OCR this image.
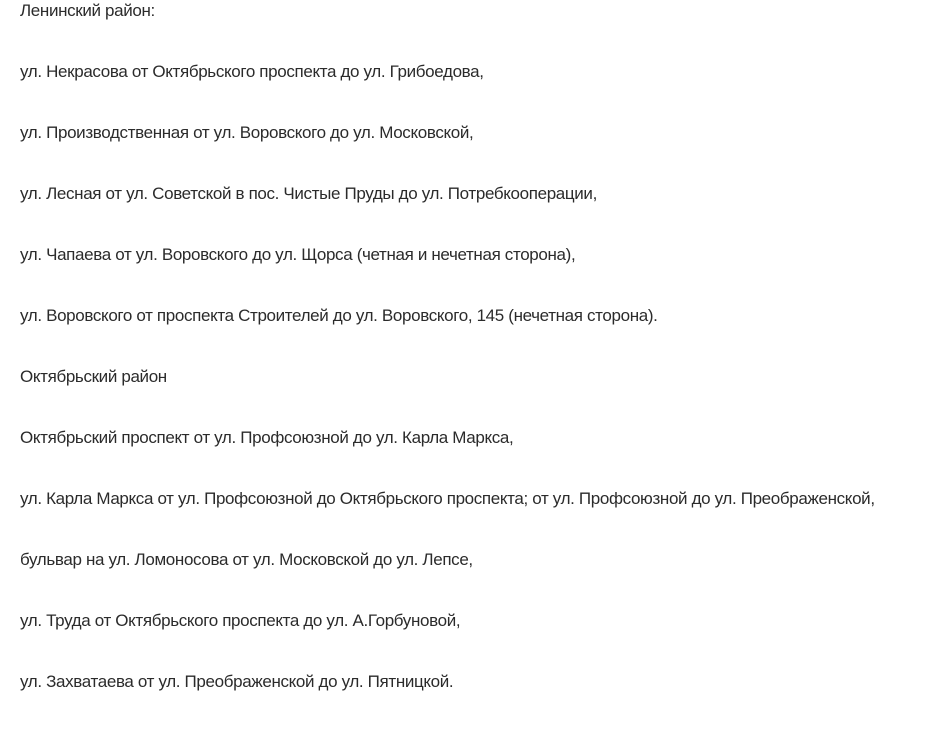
Ленинский район:

ул. Некрасова от Октябрьского проспекта до ул. Грибоедова,

ул. Производственная от ул. Воровского до ул. Московской,

ул. Лесная от ул. Советской в пос. Чистые Пруды до ул. Потребкооперации,

ул. Чапаева от ул. Воровского до ул. Щорса (четная и нечетная сторона),

ул. Воровского от проспекта Строителей до ул. Воровского, 145 (нечетная сторона).

Октябрьский район

Октябрьский проспект от ул. Профсоюзной до ул. Карла Маркса,

ул. Карла Маркса от ул. Профсоюзной до Октябрьского проспекта; от ул. Профсоюзной до ул. Преображенской,

бульвар на ул. Ломоносова от ул. Московской до ул. Лепсе,

ул. Труда от Октябрьского проспекта до ул. А.Горбуновой,

ул. Захватаева от ул. Преображенской до ул. Пятницкой.
